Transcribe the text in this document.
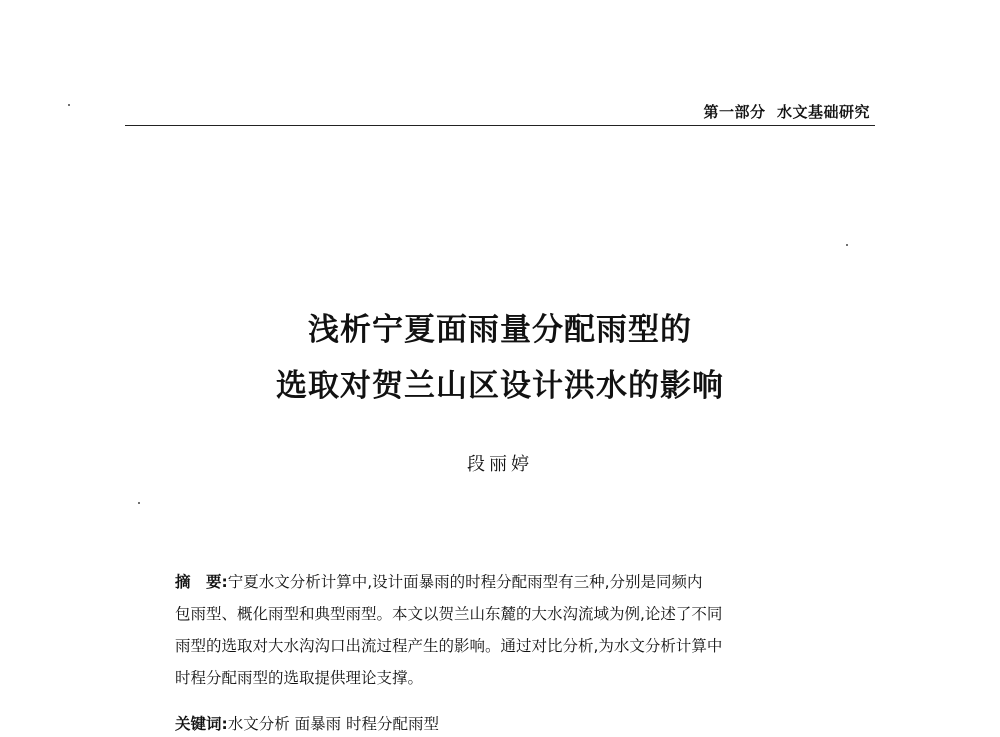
第一部分  水文基础研究
浅析宁夏面雨量分配雨型的
选取对贺兰山区设计洪水的影响
段丽婷
摘　要:宁夏水文分析计算中,设计面暴雨的时程分配雨型有三种,分别是同频内
包雨型、概化雨型和典型雨型。本文以贺兰山东麓的大水沟流域为例,论述了不同
雨型的选取对大水沟沟口出流过程产生的影响。通过对比分析,为水文分析计算中
时程分配雨型的选取提供理论支撑。
关键词:水文分析 面暴雨 时程分配雨型
